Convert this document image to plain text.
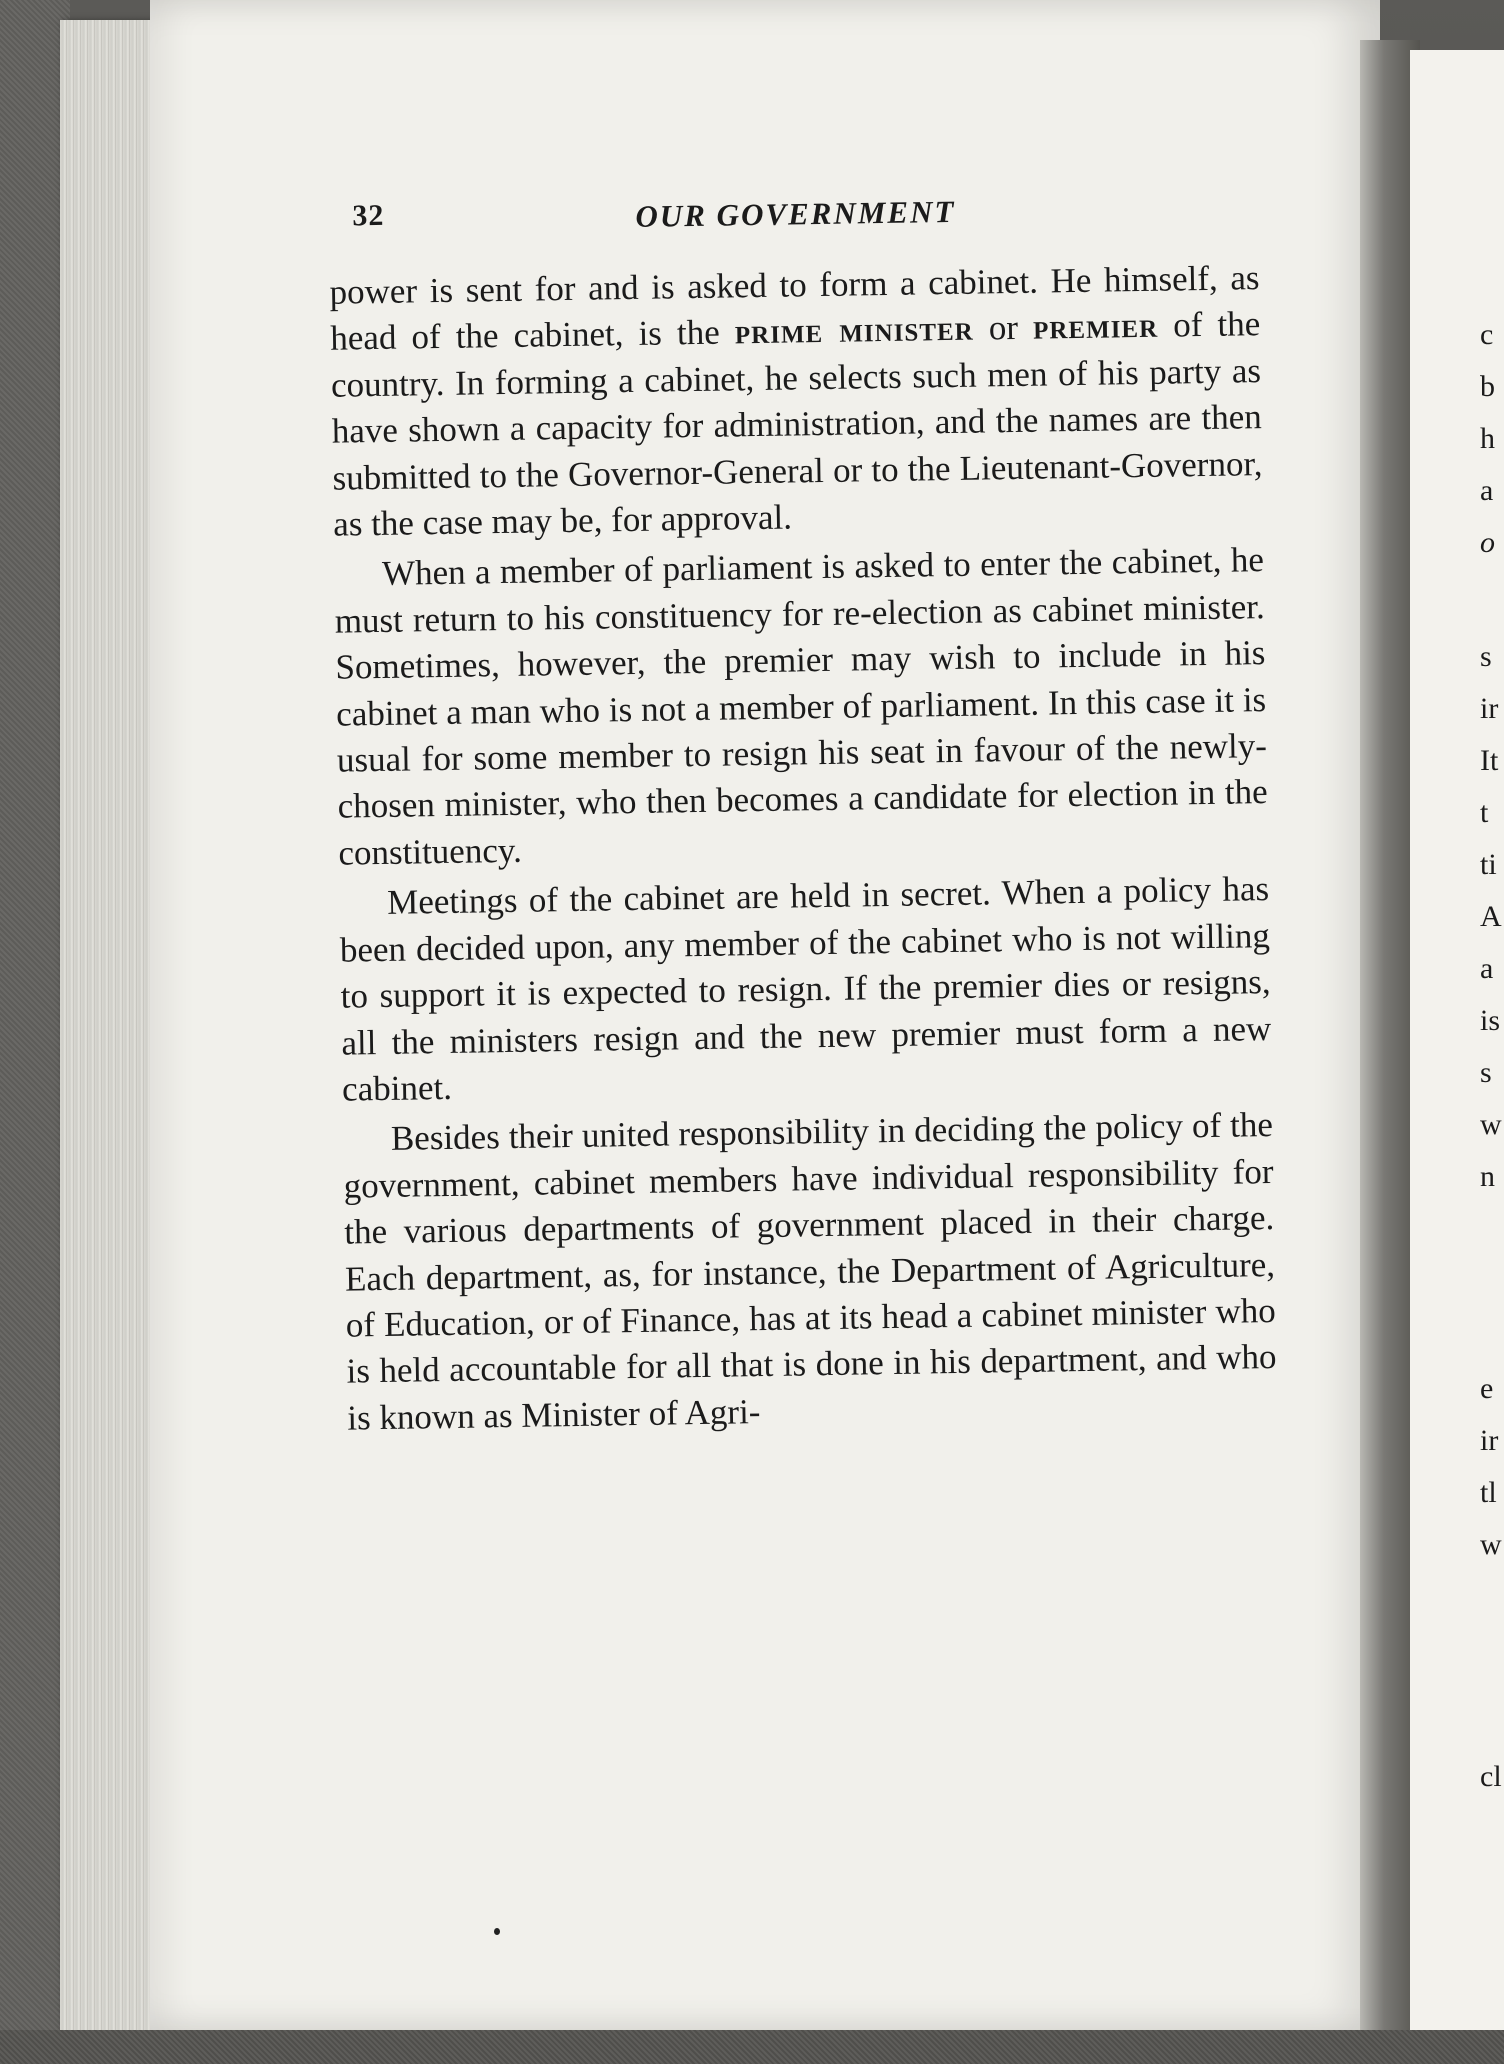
32	OUR GOVERNMENT

power is sent for and is asked to form a cabinet. He himself, as head of the cabinet, is the prime minister or premier of the country. In forming a cabinet, he selects such men of his party as have shown a capacity for administration, and the names are then submitted to the Governor-General or to the Lieutenant-Governor, as the case may be, for approval.

When a member of parliament is asked to enter the cabinet, he must return to his constituency for re-election as cabinet minister. Sometimes, however, the premier may wish to include in his cabinet a man who is not a member of parliament. In this case it is usual for some member to resign his seat in favour of the newly-chosen minister, who then becomes a candidate for election in the constituency.

Meetings of the cabinet are held in secret. When a policy has been decided upon, any member of the cabinet who is not willing to support it is expected to resign. If the premier dies or resigns, all the ministers resign and the new premier must form a new cabinet.

Besides their united responsibility in deciding the policy of the government, cabinet members have individual responsibility for the various departments of government placed in their charge. Each department, as, for instance, the Department of Agriculture, of Education, or of Finance, has at its head a cabinet minister who is held accountable for all that is done in his department, and who is known as Minister of Agri-

c
b
h
a
o
s
ir
It
t
ti
A
a
is
s
w
n
e
ir
tl
w
cl
